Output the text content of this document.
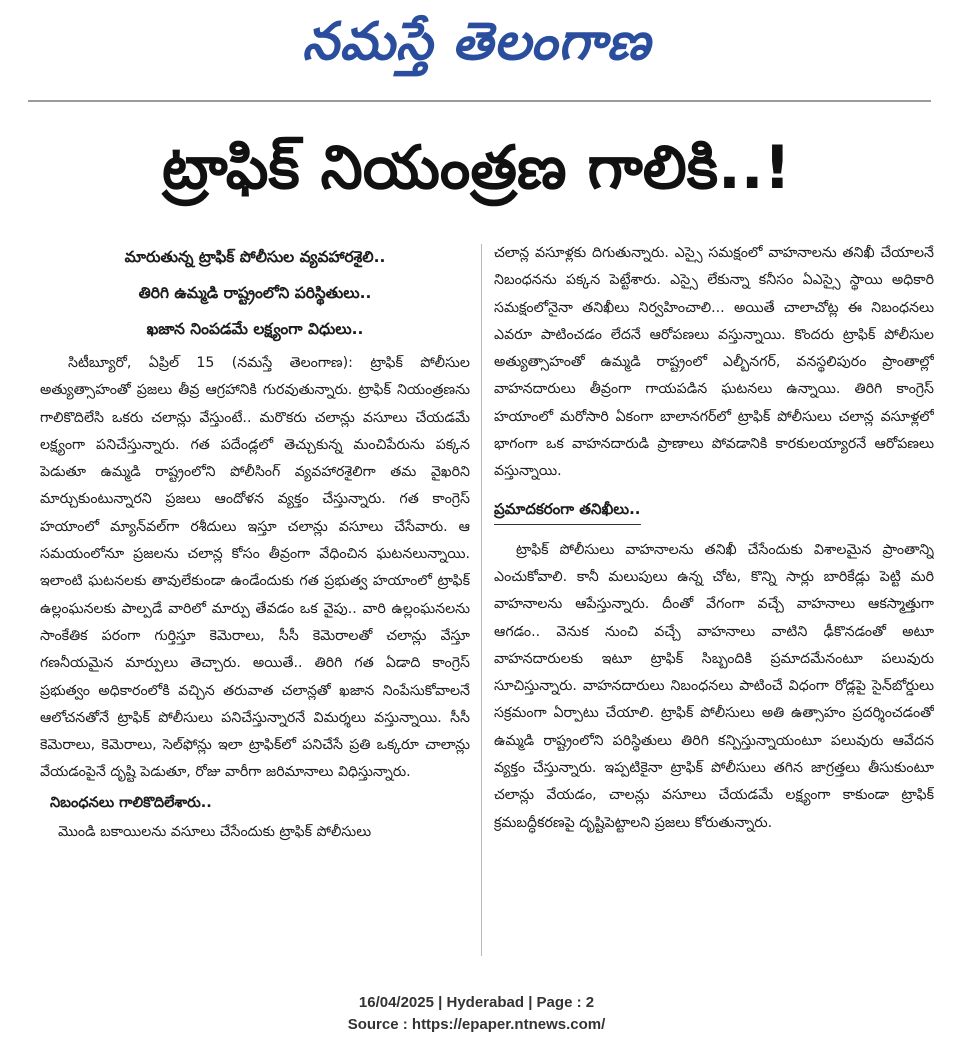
నమస్తే తెలంగాణ
ట్రాఫిక్ నియంత్రణ గాలికి..!
మారుతున్న ట్రాఫిక్ పోలీసుల వ్యవహారశైలి..
తిరిగి ఉమ్మడి రాష్ట్రంలోని పరిస్థితులు..
ఖజాన నింపడమే లక్ష్యంగా విధులు..

సిటీబ్యూరో, ఏప్రిల్ 15 (నమస్తే తెలంగాణ): ట్రాఫిక్ పోలీసుల అత్యుత్సాహంతో ప్రజలు తీవ్ర ఆగ్రహానికి గురవుతున్నారు. ట్రాఫిక్ నియంత్రణను గాలికొదిలేసి ఒకరు చలాన్లు వేస్తుంటే.. మరొకరు చలాన్లు వసూలు చేయడమే లక్ష్యంగా పనిచేస్తున్నారు. గత పదేండ్లలో తెచ్చుకున్న మంచిపేరును పక్కన పెడుతూ ఉమ్మడి రాష్ట్రంలోని పోలీసింగ్ వ్యవహారశైలిగా తమ వైఖరిని మార్చుకుంటున్నారని ప్రజలు ఆందోళన వ్యక్తం చేస్తున్నారు. గత కాంగ్రెస్ హయాంలో మ్యాన్‌వల్‌గా రశీదులు ఇస్తూ చలాన్లు వసూలు చేసేవారు. ఆ సమయంలోనూ ప్రజలను చలాన్ల కోసం తీవ్రంగా వేధించిన ఘటనలున్నాయి. ఇలాంటి ఘటనలకు తావులేకుండా ఉండేందుకు గత ప్రభుత్వ హయాంలో ట్రాఫిక్ ఉల్లంఘనలకు పాల్పడే వారిలో మార్పు తేవడం ఒక వైపు.. వారి ఉల్లంఘనలను సాంకేతిక పరంగా గుర్తిస్తూ కెమెరాలు, సీసీ కెమెరాలతో చలాన్లు వేస్తూ గణనీయమైన మార్పులు తెచ్చారు. అయితే.. తిరిగి గత ఏడాది కాంగ్రెస్ ప్రభుత్వం అధికారంలోకి వచ్చిన తరువాత చలాన్లతో ఖజాన నింపేసుకోవాలనే ఆలోచనతోనే ట్రాఫిక్ పోలీసులు పనిచేస్తున్నారనే విమర్శలు వస్తున్నాయి. సీసీ కెమెరాలు, కెమెరాలు, సెల్‌ఫోన్లు ఇలా ట్రాఫిక్‌లో పనిచేసే ప్రతి ఒక్కరూ చాలాన్లు వేయడంపైనే దృష్టి పెడుతూ, రోజు వారీగా జరిమానాలు విధిస్తున్నారు.

నిబంధనలు గాలికొదిలేశారు..

మొండి బకాయిలను వసూలు చేసేందుకు ట్రాఫిక్ పోలీసులు

చలాన్ల వసూళ్లకు దిగుతున్నారు. ఎస్సై సమక్షంలో వాహనాలను తనిఖీ చేయాలనే నిబంధనను పక్కన పెట్టేశారు. ఎస్సై లేకున్నా కనీసం ఏఎస్సై స్థాయి అధికారి సమక్షంలోనైనా తనిఖీలు నిర్వహించాలి... అయితే చాలాచోట్ల ఈ నిబంధనలు ఎవరూ పాటించడం లేదనే ఆరోపణలు వస్తున్నాయి. కొందరు ట్రాఫిక్ పోలీసుల అత్యుత్సాహంతో ఉమ్మడి రాష్ట్రంలో ఎల్బీనగర్, వనస్థలిపురం ప్రాంతాల్లో వాహనదారులు తీవ్రంగా గాయపడిన ఘటనలు ఉన్నాయి. తిరిగి కాంగ్రెస్ హయాంలో మరోసారి ఏకంగా బాలానగర్‌లో ట్రాఫిక్ పోలీసులు చలాన్ల వసూళ్లలో భాగంగా ఒక వాహనదారుడి ప్రాణాలు పోవడానికి కారకులయ్యారనే ఆరోపణలు వస్తున్నాయి.

ప్రమాదకరంగా తనిఖీలు..

ట్రాఫిక్ పోలీసులు వాహనాలను తనిఖీ చేసేందుకు విశాలమైన ప్రాంతాన్ని ఎంచుకోవాలి. కానీ మలుపులు ఉన్న చోట, కొన్ని సార్లు బారికేడ్లు పెట్టి మరి వాహనాలను ఆపేస్తున్నారు. దీంతో వేగంగా వచ్చే వాహనాలు ఆకస్మాత్తుగా ఆగడం.. వెనుక నుంచి వచ్చే వాహనాలు వాటిని ఢీకొనడంతో అటూ వాహనదారులకు ఇటూ ట్రాఫిక్ సిబ్బందికి ప్రమాదమేనంటూ పలువురు సూచిస్తున్నారు. వాహనదారులు నిబంధనలు పాటించే విధంగా రోడ్లపై సైన్‌బోర్డులు సక్రమంగా ఏర్పాటు చేయాలి. ట్రాఫిక్ పోలీసులు అతి ఉత్సాహం ప్రదర్శించడంతో ఉమ్మడి రాష్ట్రంలోని పరిస్థితులు తిరిగి కన్పిస్తున్నాయంటూ పలువురు ఆవేదన వ్యక్తం చేస్తున్నారు. ఇప్పటికైనా ట్రాఫిక్ పోలీసులు తగిన జాగ్రత్తలు తీసుకుంటూ చలాన్లు వేయడం, చాలన్లు వసూలు చేయడమే లక్ష్యంగా కాకుండా ట్రాఫిక్ క్రమబద్ధీకరణపై దృష్టిపెట్టాలని ప్రజలు కోరుతున్నారు.

16/04/2025 | Hyderabad | Page : 2
Source : https://epaper.ntnews.com/
